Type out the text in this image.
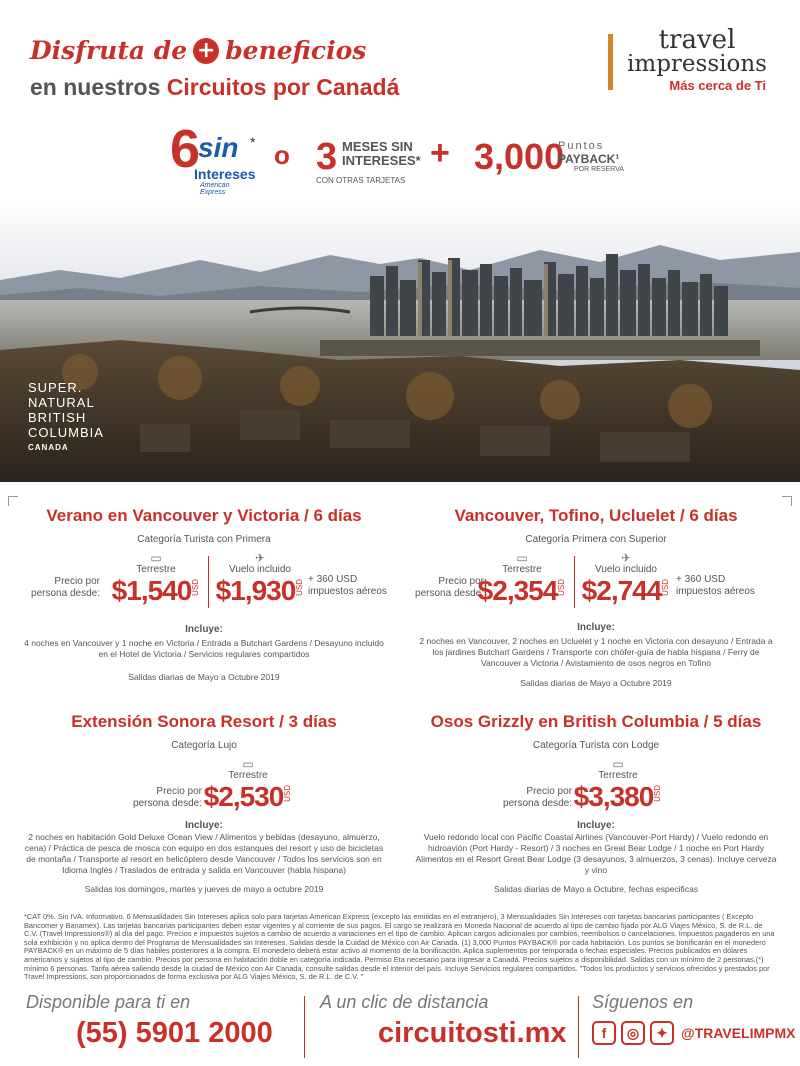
Disfruta de + beneficios
en nuestros Circuitos por Canadá
travel
impressions
Más cerca de Ti
6
sin *
Intereses
American Express
o 3 MESES SIN INTERESES*
CON OTRAS TARJETAS
+ 3,000
Puntos
PAYBACK¹
POR RESERVA
SUPER.
NATURAL
BRITISH
COLUMBIA
CANADA
Verano en Vancouver y Victoria / 6 días
Categoría Turista con Primera
Precio por persona desde:
▭
Terrestre
$1,540USD
✈
Vuelo incluido
$1,930USD + 360 USD impuestos aéreos
Incluye:
4 noches en Vancouver y 1 noche en Victoria / Entrada a Butchart Gardens / Desayuno incluido en el Hotel de Victoria / Servicios regulares compartidos
Salidas diarias de Mayo a Octubre 2019
Vancouver, Tofino, Ucluelet / 6 días
Categoría Primera con Superior
Precio por persona desde:
▭
Terrestre
$2,354USD
✈
Vuelo incluido
$2,744USD + 360 USD impuestos aéreos
Incluye:
2 noches en Vancouver, 2 noches en Ucluelet y 1 noche en Victoria con desayuno / Entrada a los jardines Butchart Gardens / Transporte con chófer-guía de habla hispana / Ferry de Vancouver a Victoria / Avistamiento de osos negros en Tofino
Salidas diarias de Mayo a Octubre 2019
Extensión Sonora Resort / 3 días
Categoría Lujo
Precio por persona desde:
▭
Terrestre
$2,530USD
Incluye:
2 noches en habitación Gold Deluxe Ocean View / Alimentos y bebidas (desayuno, almuerzo, cena) / Práctica de pesca de mosca con equipo en dos estanques del resort y uso de bicicletas de montaña / Transporte al resort en helicóptero desde Vancouver / Todos los servicios son en Idioma Inglés / Traslados de entrada y salida en Vancouver (habla hispana)
Salidas los domingos, martes y jueves de mayo a octubre 2019
Osos Grizzly en British Columbia / 5 días
Categoría Turista con Lodge
Precio por persona desde:
▭
Terrestre
$3,380USD
Incluye:
Vuelo redondo local con Pacific Coastal Airlines (Vancouver-Port Hardy) / Vuelo redondo en hidroavión (Port Hardy - Resort) / 3 noches en Great Bear Lodge / 1 noche en Port Hardy Alimentos en el Resort Great Bear Lodge (3 desayunos, 3 almuerzos, 3 cenas). Incluye cerveza y vino
Salidas diarias de Mayo a Octubre, fechas especificas
*CAT 0%. Sin IVA. Informativo. 6 Mensualidades Sin Intereses aplica solo para tarjetas American Express (excepto las emitidas en el extranjero), 3 Mensualidades Sin Intereses con tarjetas bancarias participantes ( Excepto Bancomer y Banamex). Las tarjetas bancarias participantes deben estar vigentes y al corriente de sus pagos. El cargo se realizará en Moneda Nacional de acuerdo al tipo de cambio fijado por ALG Viajes México, S. de R.L. de C.V. (Travel Impressions®) al día del pago. Precios e impuestos sujetos a cambio de acuerdo a variaciones en el tipo de cambio. Aplican cargos adicionales por cambios, reembolsos o cancelaciones. Impuestos pagaderos en una sola exhibición y no aplica dentro del Programa de Mensualidades sin Intereses. Salidas desde la Cuidad de México con Air Canada. (1) 3,000 Puntos PAYBACK® por cada habitación. Los puntos se bonificarán en el monedero PAYBACK® en un máximo de 5 días hábiles posteriores a la compra. El monedero deberá estar activo al momento de la bonificación. Aplica suplementos por temporada o fechas especiales. Precios publicados en dólares americanos y sujetos al tipo de cambio. Precios por persona en habitación doble en categoría indicada. Permiso Eta necesario para ingresar a Canadá. Precios sujetos a disponibilidad. Salidas con un mínimo de 2 personas.(*) mínimo 6 personas. Tarifa aérea saliendo desde la ciudad de México con Air Canada, consulte salidas desde el interior del país. Incluye Servicios regulares compartidos. "Todos los productos y servicios ofrecidos y prestados por Travel Impressions, son proporcionados de forma exclusiva por ALG Viajes México, S. de R.L. de C.V. "
Disponible para ti en
(55) 5901 2000
A un clic de distancia
circuitosti.mx
Síguenos en
f	◎	✦ @TRAVELIMPMX
